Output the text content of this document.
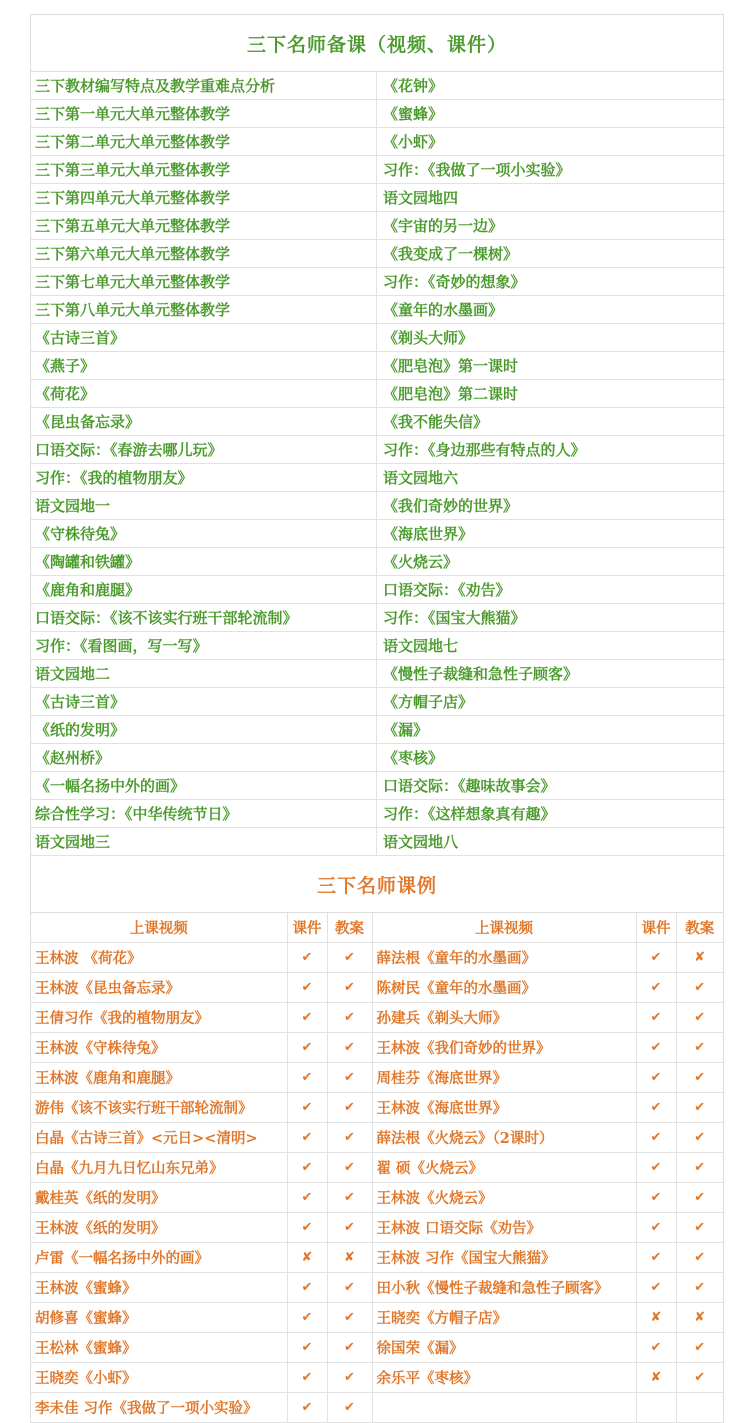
三下名师备课（视频、课件）
三下教材编写特点及教学重难点分析	《花钟》
三下第一单元大单元整体教学	《蜜蜂》
三下第二单元大单元整体教学	《小虾》
三下第三单元大单元整体教学	习作：《我做了一项小实验》
三下第四单元大单元整体教学	语文园地四
三下第五单元大单元整体教学	《宇宙的另一边》
三下第六单元大单元整体教学	《我变成了一棵树》
三下第七单元大单元整体教学	习作：《奇妙的想象》
三下第八单元大单元整体教学	《童年的水墨画》
《古诗三首》	《剃头大师》
《燕子》	《肥皂泡》第一课时
《荷花》	《肥皂泡》第二课时
《昆虫备忘录》	《我不能失信》
口语交际：《春游去哪儿玩》	习作：《身边那些有特点的人》
习作：《我的植物朋友》	语文园地六
语文园地一	《我们奇妙的世界》
《守株待兔》	《海底世界》
《陶罐和铁罐》	《火烧云》
《鹿角和鹿腿》	口语交际：《劝告》
口语交际：《该不该实行班干部轮流制》	习作：《国宝大熊猫》
习作：《看图画，写一写》	语文园地七
语文园地二	《慢性子裁缝和急性子顾客》
《古诗三首》	《方帽子店》
《纸的发明》	《漏》
《赵州桥》	《枣核》
《一幅名扬中外的画》	口语交际：《趣味故事会》
综合性学习：《中华传统节日》	习作：《这样想象真有趣》
语文园地三	语文园地八
三下名师课例
上课视频	课件	教案	上课视频	课件	教案
王林波 《荷花》	✔	✔	薛法根《童年的水墨画》	✔	✘
王林波《昆虫备忘录》	✔	✔	陈树民《童年的水墨画》	✔	✔
王倩习作《我的植物朋友》	✔	✔	孙建兵《剃头大师》	✔	✔
王林波《守株待兔》	✔	✔	王林波《我们奇妙的世界》	✔	✔
王林波《鹿角和鹿腿》	✔	✔	周桂芬《海底世界》	✔	✔
游伟《该不该实行班干部轮流制》	✔	✔	王林波《海底世界》	✔	✔
白晶《古诗三首》<元日><清明>	✔	✔	薛法根《火烧云》（2课时）	✔	✔
白晶《九月九日忆山东兄弟》	✔	✔	翟 硕《火烧云》	✔	✔
戴桂英《纸的发明》	✔	✔	王林波《火烧云》	✔	✔
王林波《纸的发明》	✔	✔	王林波 口语交际《劝告》	✔	✔
卢雷《一幅名扬中外的画》	✘	✘	王林波 习作《国宝大熊猫》	✔	✔
王林波《蜜蜂》	✔	✔	田小秋《慢性子裁缝和急性子顾客》	✔	✔
胡修喜《蜜蜂》	✔	✔	王晓奕《方帽子店》	✘	✘
王松林《蜜蜂》	✔	✔	徐国荣《漏》	✔	✔
王晓奕《小虾》	✔	✔	余乐平《枣核》	✘	✔
李未佳 习作《我做了一项小实验》	✔	✔			
